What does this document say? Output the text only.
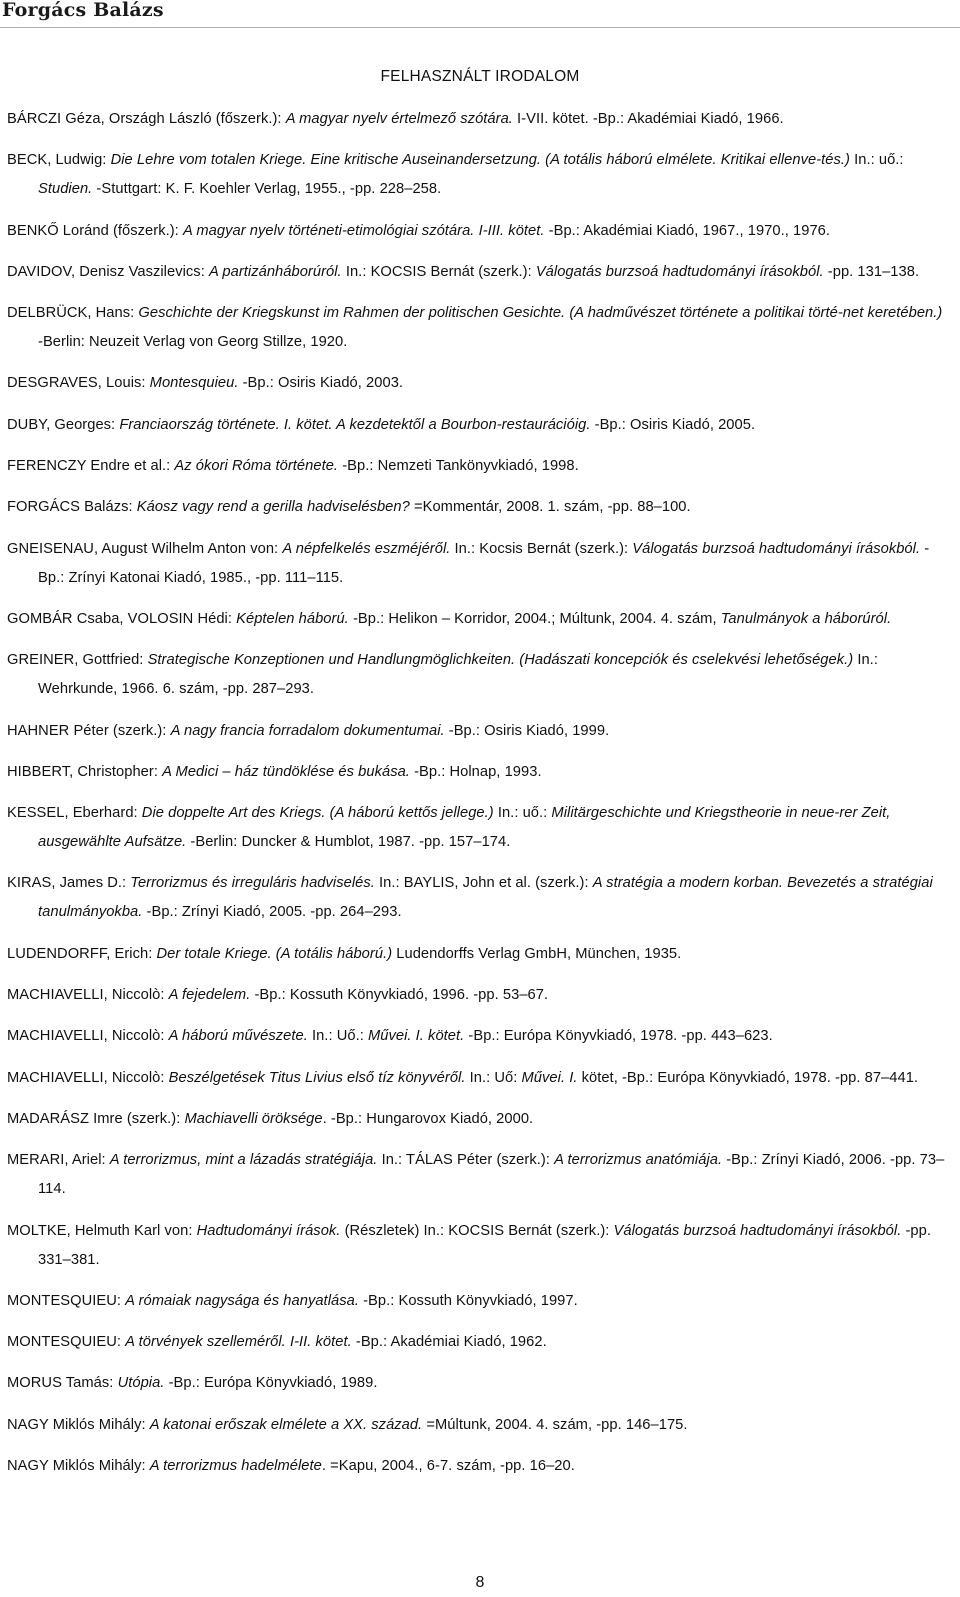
Forgács Balázs
FELHASZNÁLT IRODALOM
BÁRCZI Géza, Országh László (főszerk.): A magyar nyelv értelmező szótára. I-VII. kötet. -Bp.: Akadémiai Kiadó, 1966.
BECK, Ludwig: Die Lehre vom totalen Kriege. Eine kritische Auseinandersetzung. (A totális háború elmélete. Kritikai ellenve-tés.) In.: uő.: Studien. -Stuttgart: K. F. Koehler Verlag, 1955., -pp. 228–258.
BENKŐ Loránd (főszerk.): A magyar nyelv történeti-etimológiai szótára. I-III. kötet. -Bp.: Akadémiai Kiadó, 1967., 1970., 1976.
DAVIDOV, Denisz Vaszilevics: A partizánháborúról. In.: KOCSIS Bernát (szerk.): Válogatás burzsoá hadtudományi írásokból. -pp. 131–138.
DELBRÜCK, Hans: Geschichte der Kriegskunst im Rahmen der politischen Gesichte. (A hadművészet története a politikai törté-net keretében.) -Berlin: Neuzeit Verlag von Georg Stillze, 1920.
DESGRAVES, Louis: Montesquieu. -Bp.: Osiris Kiadó, 2003.
DUBY, Georges: Franciaország története. I. kötet. A kezdetektől a Bourbon-restaurációig. -Bp.: Osiris Kiadó, 2005.
FERENCZY Endre et al.: Az ókori Róma története. -Bp.: Nemzeti Tankönyvkiadó, 1998.
FORGÁCS Balázs: Káosz vagy rend a gerilla hadviselésben? =Kommentár, 2008. 1. szám, -pp. 88–100.
GNEISENAU, August Wilhelm Anton von: A népfelkelés eszméjéről. In.: Kocsis Bernát (szerk.): Válogatás burzsoá hadtudományi írásokból. -Bp.: Zrínyi Katonai Kiadó, 1985., -pp. 111–115.
GOMBÁR Csaba, VOLOSIN Hédi: Képtelen háború. -Bp.: Helikon – Korridor, 2004.; Múltunk, 2004. 4. szám, Tanulmányok a háborúról.
GREINER, Gottfried: Strategische Konzeptionen und Handlungmöglichkeiten. (Hadászati koncepciók és cselekvési lehetőségek.) In.: Wehrkunde, 1966. 6. szám, -pp. 287–293.
HAHNER Péter (szerk.): A nagy francia forradalom dokumentumai. -Bp.: Osiris Kiadó, 1999.
HIBBERT, Christopher: A Medici – ház tündöklése és bukása. -Bp.: Holnap, 1993.
KESSEL, Eberhard: Die doppelte Art des Kriegs. (A háború kettős jellege.) In.: uő.: Militärgeschichte und Kriegstheorie in neue-rer Zeit, ausgewählte Aufsätze. -Berlin: Duncker & Humblot, 1987. -pp. 157–174.
KIRAS, James D.: Terrorizmus és irreguláris hadviselés. In.: BAYLIS, John et al. (szerk.): A stratégia a modern korban. Bevezetés a stratégiai tanulmányokba. -Bp.: Zrínyi Kiadó, 2005. -pp. 264–293.
LUDENDORFF, Erich: Der totale Kriege. (A totális háború.) Ludendorffs Verlag GmbH, München, 1935.
MACHIAVELLI, Niccolò: A fejedelem. -Bp.: Kossuth Könyvkiadó, 1996. -pp. 53–67.
MACHIAVELLI, Niccolò: A háború művészete. In.: Uő.: Művei. I. kötet. -Bp.: Európa Könyvkiadó, 1978. -pp. 443–623.
MACHIAVELLI, Niccolò: Beszélgetések Titus Livius első tíz könyvéről. In.: Uő: Művei. I. kötet, -Bp.: Európa Könyvkiadó, 1978. -pp. 87–441.
MADARÁSZ Imre (szerk.): Machiavelli öröksége. -Bp.: Hungarovox Kiadó, 2000.
MERARI, Ariel: A terrorizmus, mint a lázadás stratégiája. In.: TÁLAS Péter (szerk.): A terrorizmus anatómiája. -Bp.: Zrínyi Kiadó, 2006. -pp. 73–114.
MOLTKE, Helmuth Karl von: Hadtudományi írások. (Részletek) In.: KOCSIS Bernát (szerk.): Válogatás burzsoá hadtudományi írásokból. -pp. 331–381.
MONTESQUIEU: A rómaiak nagysága és hanyatlása. -Bp.: Kossuth Könyvkiadó, 1997.
MONTESQUIEU: A törvények szelleméről. I-II. kötet. -Bp.: Akadémiai Kiadó, 1962.
MORUS Tamás: Utópia. -Bp.: Európa Könyvkiadó, 1989.
NAGY Miklós Mihály: A katonai erőszak elmélete a XX. század. =Múltunk, 2004. 4. szám, -pp. 146–175.
NAGY Miklós Mihály: A terrorizmus hadelmélete. =Kapu, 2004., 6-7. szám, -pp. 16–20.
8
